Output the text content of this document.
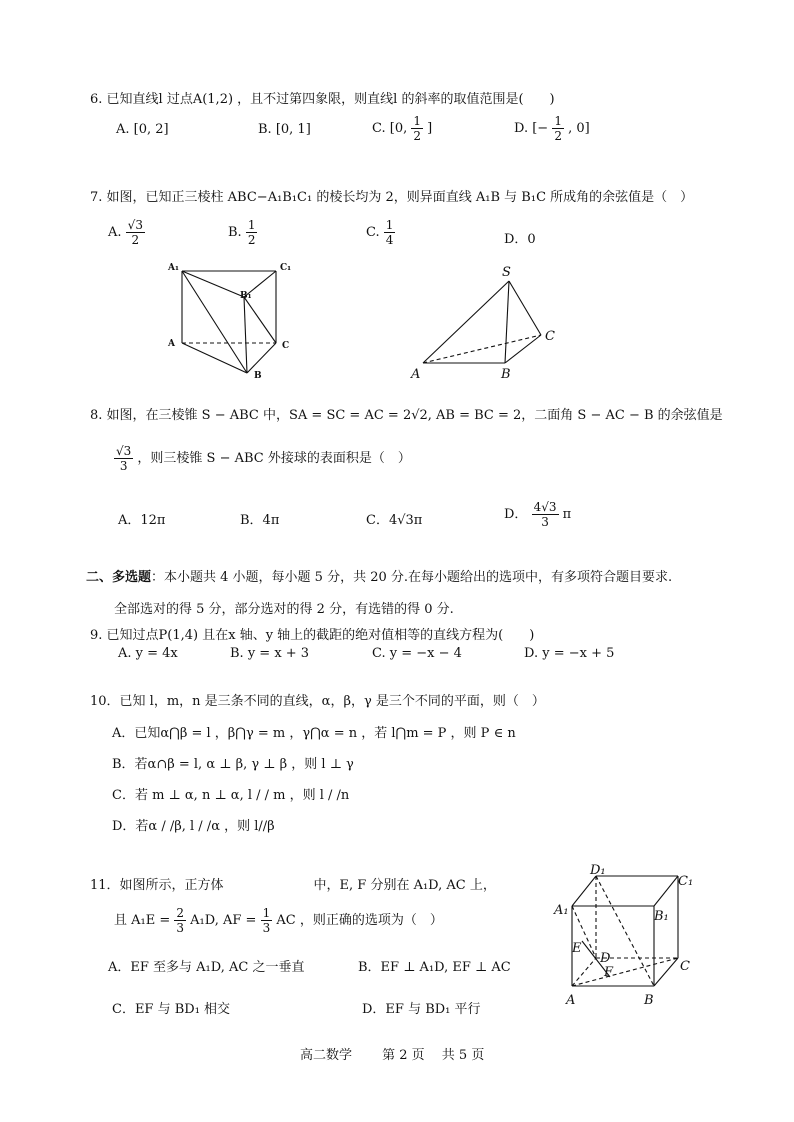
6. 已知直线l 过点A(1,2) ，且不过第四象限，则直线l 的斜率的取值范围是(　　)
A. [0, 2]	B. [0, 1]	C. [0, $\frac{1}{2}$ ]	D. [− $\frac{1}{2}$ , 0]
7. 如图，已知正三棱柱 ABC−A₁B₁C₁ 的棱长均为 2，则异面直线 A₁B 与 B₁C 所成角的余弦值是（　）
A. $\frac{√3}{2}$	B. $\frac{1}{2}$	C. $\frac{1}{4}$	D．0
A₁	C₁
B₁
A	C
B
S
C
A	B
8. 如图，在三棱锥 S − ABC 中，SA = SC = AC = 2√2, AB = BC = 2，二面角 S − AC − B 的余弦值是
$\frac{√3}{3}$ ，则三棱锥 S − ABC 外接球的表面积是（　）
A．12π	B．4π	C．4√3π	D． $\frac{4√3}{3}$ π
二、多选题：本小题共 4 小题，每小题 5 分，共 20 分.在每小题给出的选项中，有多项符合题目要求.
全部选对的得 5 分，部分选对的得 2 分，有选错的得 0 分.
9. 已知过点P(1,4) 且在x 轴、y 轴上的截距的绝对值相等的直线方程为(　　)
A. y = 4x	B. y = x + 3	C. y = −x − 4	D. y = −x + 5
10．已知 l，m，n 是三条不同的直线，α，β，γ 是三个不同的平面，则（　）
A．已知α⋂β = l ，β⋂γ = m ，γ⋂α = n ，若 l⋂m = P ，则 P ∈ n
B．若α∩β = l, α ⊥ β, γ ⊥ β ，则 l ⊥ γ
C．若 m ⊥ α, n ⊥ α, l / / m ，则 l / /n
D．若α / /β, l / /α ，则 l//β
11．如图所示，正方体	中，E, F 分别在 A₁D, AC 上，
且 $A_1E = \frac{2}{3} A_1D$, AF = $\frac{1}{3}$ AC ，则正确的选项为（　）
A．EF 至多与 A₁D, AC 之一垂直	B．EF ⊥ A₁D, EF ⊥ AC
C．EF 与 BD₁ 相交	D．EF 与 BD₁ 平行
D₁
C₁
A₁	B₁
E
D
F	C
A	B
高二数学　　 第 2 页　 共 5 页
